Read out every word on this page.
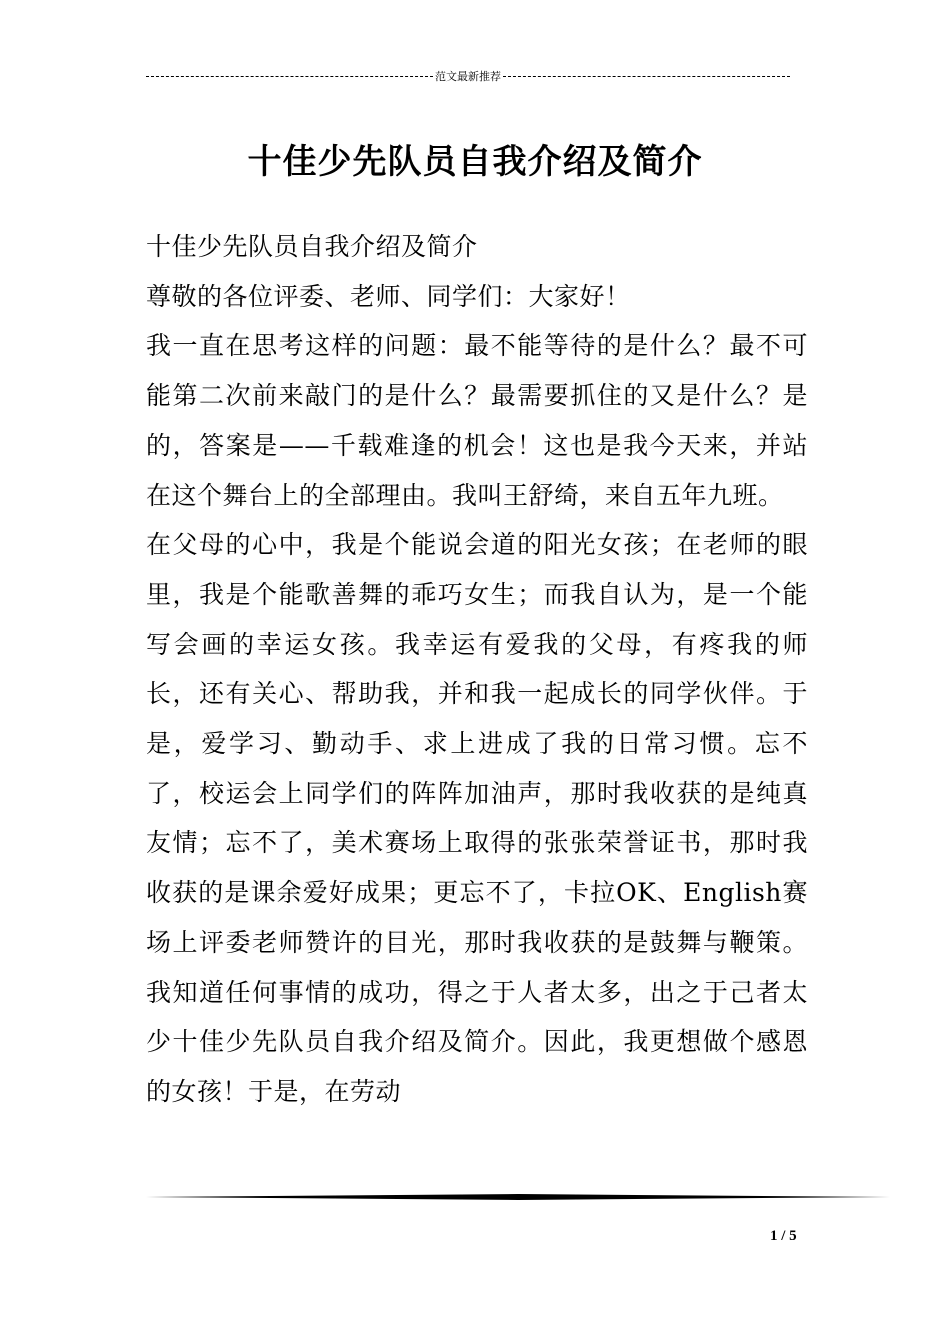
范文最新推荐
十佳少先队员自我介绍及简介

十佳少先队员自我介绍及简介

尊敬的各位评委、老师、同学们：大家好！

我一直在思考这样的问题：最不能等待的是什么？最不可能第二次前来敲门的是什么？最需要抓住的又是什么？是的，答案是——千载难逢的机会！这也是我今天来，并站在这个舞台上的全部理由。我叫王舒绮，来自五年九班。

在父母的心中，我是个能说会道的阳光女孩；在老师的眼里，我是个能歌善舞的乖巧女生；而我自认为，是一个能写会画的幸运女孩。我幸运有爱我的父母，有疼我的师长，还有关心、帮助我，并和我一起成长的同学伙伴。于是，爱学习、勤动手、求上进成了我的日常习惯。忘不了，校运会上同学们的阵阵加油声，那时我收获的是纯真友情；忘不了，美术赛场上取得的张张荣誉证书，那时我收获的是课余爱好成果；更忘不了，卡拉OK、English赛场上评委老师赞许的目光，那时我收获的是鼓舞与鞭策。我知道任何事情的成功，得之于人者太多，出之于己者太少十佳少先队员自我介绍及简介。因此，我更想做个感恩的女孩！于是，在劳动

1 / 5
